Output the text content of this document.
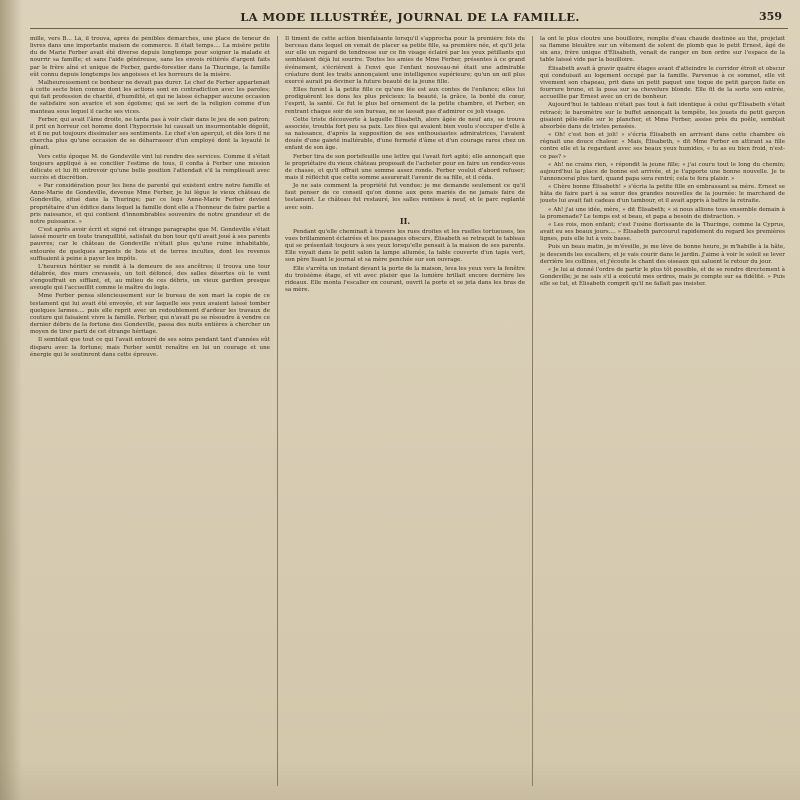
LA MODE ILLUSTRÉE, JOURNAL DE LA FAMILLE.	359

mille, vers B... Là, il trouva, après de pénibles démarches, une place de teneur de livres dans une importante maison de commerce. Il était temps.... La misère petite du de Marie Ferber avait été diverse depuis longtemps pour soigner la malade et nourrir sa famille; et sans l'aide généreuse, sans les envois réitérés d'argent faits par le frère aîné et unique de Ferber, garde-forestier dans la Thuringe, la famille eût connu depuis longtemps les angoisses et les horreurs de la misère.

Malheureusement ce bonheur ne devait pas durer. Le chef de Ferber appartenait à cette secte bien connue dont les actions sont en contradiction avec les paroles; qui fait profession de charité, d'humilité, et qui ne laisse échapper aucune occasion de satisfaire son avarice et son égoïsme; qui se sert de la religion comme d'un manteau sous lequel il cache ses vices.

Ferber, qui avait l'âme droite, ne tarda pas à voir clair dans le jeu de son patron; il prit en horreur cet homme dont l'hypocrisie lui causait un insurmontable dégoût, et il ne put toujours dissimuler ses sentiments. Le chef s'en aperçut, et dès lors il ne chercha plus qu'une occasion de se débarrasser d'un employé dont la loyauté le gênait.

Vers cette époque M. de Gondeville vint lui rendre des services. Comme il s'était toujours appliqué à se concilier l'estime de tous, il confia à Ferber une mission délicate et lui fit entrevoir qu'une belle position l'attendait s'il la remplissait avec succès et discrétion.

« Par considération pour les liens de parenté qui existent entre notre famille et Anne-Marie de Gondeville, devenue Mme Ferber, je lui lègue le vieux château de Gondeville, situé dans la Thuringe; par ce legs Anne-Marie Ferber devient propriétaire d'un édifice dans lequel la famille dont elle a l'honneur de faire partie a pris naissance, et qui contient d'innombrables souvenirs de notre grandeur et de notre puissance. »

C'est après avoir écrit et signé cet étrange paragraphe que M. Gondeville s'était laissé mourir en toute tranquillité, satisfait du bon tour qu'il avait joué à ses parents pauvres; car le château de Gondeville n'était plus qu'une ruine inhabitable, entourée de quelques arpents de bois et de terres incultes, dont les revenus suffisaient à peine à payer les impôts.

L'heureux héritier se rendit à la demeure de ses ancêtres; il trouva une tour délabrée, des murs crevassés, un toit défoncé, des salles désertes où le vent s'engouffrait en sifflant, et, au milieu de ces débris, un vieux gardien presque aveugle qui l'accueillit comme le maître du logis.

Mme Ferber pensa silencieusement sur le bureau de son mari la copie de ce testament qui lui avait été envoyée, et sur laquelle ses yeux avaient laissé tomber quelques larmes.... puis elle reprit avec un redoublement d'ardeur les travaux de couture qui faisaient vivre la famille. Ferber, qui n'avait pu se résoudre à vendre ce dernier débris de la fortune des Gondeville, passa des nuits entières à chercher un moyen de tirer parti de cet étrange héritage.

Il semblait que tout ce qui l'avait entouré de ses soins pendant tant d'années eût disparu avec la fortune; mais Ferber sentit renaître en lui un courage et une énergie qui le soutinrent dans cette épreuve.

Il timent de cette action bienfaisante lorsqu'il s'approcha pour la première fois du berceau dans lequel on venait de placer sa petite fille, sa première née, et qu'il jeta sur elle un regard de tendresse sur ce fin visage éclairé par les yeux pétillants qui semblaient déjà lui sourire. Toutes les amies de Mme Ferber, présentes à ce grand événement, s'écrièrent à l'envi que l'enfant nouveau-né était une admirable créature dont les traits annonçaient une intelligence supérieure; qu'un un œil plus exercé aurait pu deviner la future beauté de la jeune fille.

Elles furent à la petite fille ce qu'une fée est aux contes de l'enfance; elles lui prodiguèrent les dons les plus précieux: la beauté, la grâce, la bonté du cœur, l'esprit, la santé. Ce fut le plus bel ornement de la petite chambre, et Ferber, en rentrant chaque soir de son bureau, ne se lassait pas d'admirer ce joli visage.

Cette triste découverte à laquelle Élisabeth, alors âgée de neuf ans, se trouva associée, troubla fort peu sa paix. Les fées qui avaient bien voulu s'occuper d'elle à sa naissance, d'après la supposition de ses enthousiastes admiratrices, l'avaient douée d'une gaieté inaltérable, d'une fermeté d'âme et d'un courage rares chez un enfant de son âge.

Ferber tira de son portefeuille une lettre qui l'avait fort agité; elle annonçait que le propriétaire du vieux château proposait de l'acheter pour en faire un rendez-vous de chasse, et qu'il offrait une somme assez ronde. Ferber voulut d'abord refuser; mais il réfléchit que cette somme assurerait l'avenir de sa fille, et il céda.

Je ne sais comment la propriété fut vendue; je me demande seulement ce qu'il faut penser de ce conseil qu'on donne aux gens mariés de ne jamais faire de testament. Le château fut restauré, les salles remises à neuf, et le parc replanté avec soin.

II.

Pendant qu'elle cheminait à travers les rues droites et les ruelles tortueuses, les vues brillamment éclairées et les passages obscurs, Élisabeth se retraçait le tableau qui se présentait toujours à ses yeux lorsqu'elle pensait à la maison de ses parents. Elle voyait dans le petit salon la lampe allumée, la table couverte d'un tapis vert, son père lisant le journal et sa mère penchée sur son ouvrage.

Elle s'arrêta un instant devant la porte de la maison, leva les yeux vers la fenêtre du troisième étage, et vit avec plaisir que la lumière brillait encore derrière les rideaux. Elle monta l'escalier en courant, ouvrit la porte et se jeta dans les bras de sa mère.

la ont le plus cloutre une bouilloire, remplie d'eau chaude destinée au thé, projetait sa flamme bleuâtre sur un vêtement de solent de plomb que le petit Ernest, âgé de six ans, frère unique d'Élisabeth, venait de ranger en bon ordre sur l'espace de la table laissé vide par la bouilloire.

Élisabeth avait à gravir quatre étages avant d'atteindre le corridor étroit et obscur qui conduisait au logement occupé par la famille. Parvenue à ce sommet, elle vit vivement son chapeau, prit dans un petit paquet une toque de petit garçon faite en fourrure brune, et la posa sur sa chevelure blonde. Elle fit de la sorte son entrée, accueillie par Ernest avec un cri de bonheur.

Aujourd'hui le tableau n'était pas tout à fait identique à celui qu'Élisabeth s'était retracé; le baromètre sur le buffet annonçait la tempête, les jouets du petit garçon gisaient pêle-mêle sur le plancher, et Mme Ferber, assise près du poêle, semblait absorbée dans de tristes pensées.

« Oh! c'est bon et joli! » s'écria Élisabeth en arrivant dans cette chambre où régnait une douce chaleur. « Mais, Élisabeth, » dit Mme Ferber en attirant sa fille contre elle et la regardant avec ses beaux yeux humides, « tu as eu bien froid, n'est-ce pas? »

« Ah! ne crains rien, » répondit la jeune fille; « j'ai couru tout le long du chemin; aujourd'hui la place de bonne est arrivée, et je t'apporte une bonne nouvelle. Je te l'annoncerai plus tard, quand papa sera rentré; cela te fera plaisir. »

« Chère bonne Élisabeth! » s'écria la petite fille en embrassant sa mère. Ernest se hâta de faire part à sa sœur des grandes nouvelles de la journée: le marchand de jouets lui avait fait cadeau d'un tambour, et il avait appris à battre la retraite.

« Ah! j'ai une idée, mère, » dit Élisabeth; « si nous allions tous ensemble demain à la promenade? Le temps est si beau, et papa a besoin de distraction. »

« Les rois, mon enfant; c'est l'usine florissante de la Thuringe, comme la Cyprus, avait eu ses beaux jours.... » Élisabeth parcourut rapidement du regard les premières lignes, puis elle lut à voix basse.

Puis un beau matin, je m'éveille, je me lève de bonne heure, je m'habille à la hâte, je descends les escaliers, et je vais courir dans le jardin. J'aime à voir le soleil se lever derrière les collines, et j'écoute le chant des oiseaux qui saluent le retour du jour.

« Je lui ai donné l'ordre de partir le plus tôt possible, et de se rendre directement à Gondeville; je ne sais s'il a exécuté mes ordres, mais je compte sur sa fidélité. » Puis elle se tut, et Élisabeth comprit qu'il ne fallait pas insister.
